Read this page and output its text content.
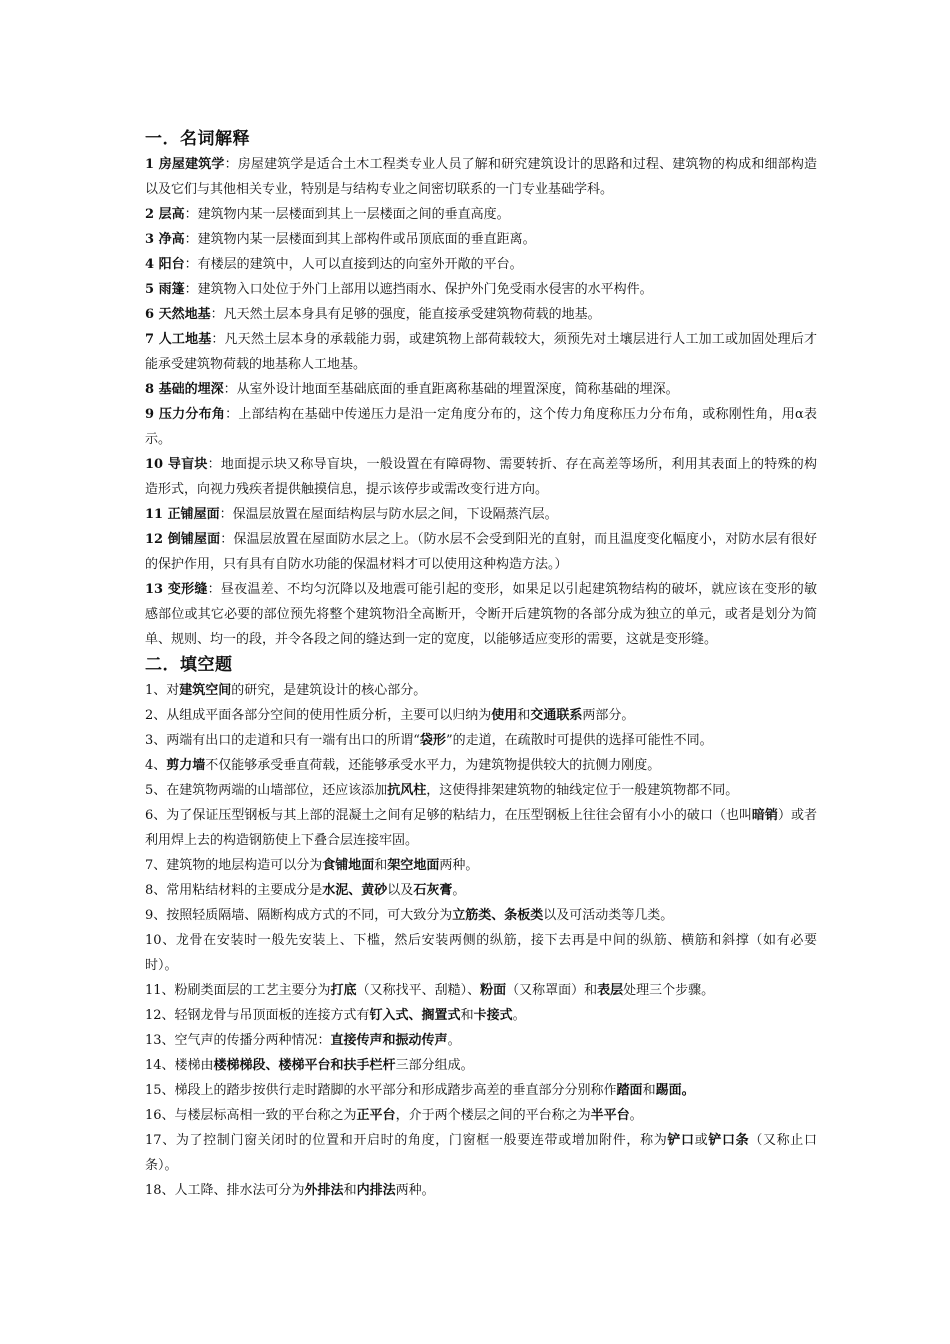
一．名词解释

1 房屋建筑学：房屋建筑学是适合土木工程类专业人员了解和研究建筑设计的思路和过程、建筑物的构成和细部构造以及它们与其他相关专业，特别是与结构专业之间密切联系的一门专业基础学科。

2 层高：建筑物内某一层楼面到其上一层楼面之间的垂直高度。

3 净高：建筑物内某一层楼面到其上部构件或吊顶底面的垂直距离。

4 阳台：有楼层的建筑中，人可以直接到达的向室外开敞的平台。

5 雨篷：建筑物入口处位于外门上部用以遮挡雨水、保护外门免受雨水侵害的水平构件。

6 天然地基：凡天然土层本身具有足够的强度，能直接承受建筑物荷载的地基。

7 人工地基：凡天然土层本身的承载能力弱，或建筑物上部荷载较大，须预先对土壤层进行人工加工或加固处理后才能承受建筑物荷载的地基称人工地基。

8 基础的埋深：从室外设计地面至基础底面的垂直距离称基础的埋置深度，简称基础的埋深。

9 压力分布角：上部结构在基础中传递压力是沿一定角度分布的，这个传力角度称压力分布角，或称刚性角，用α表示。

10 导盲块：地面提示块又称导盲块，一般设置在有障碍物、需要转折、存在高差等场所，利用其表面上的特殊的构造形式，向视力残疾者提供触摸信息，提示该停步或需改变行进方向。

11 正铺屋面：保温层放置在屋面结构层与防水层之间，下设隔蒸汽层。

12 倒铺屋面：保温层放置在屋面防水层之上。（防水层不会受到阳光的直射，而且温度变化幅度小，对防水层有很好的保护作用，只有具有自防水功能的保温材料才可以使用这种构造方法。）

13 变形缝：昼夜温差、不均匀沉降以及地震可能引起的变形，如果足以引起建筑物结构的破坏，就应该在变形的敏感部位或其它必要的部位预先将整个建筑物沿全高断开，令断开后建筑物的各部分成为独立的单元，或者是划分为简单、规则、均一的段，并令各段之间的缝达到一定的宽度，以能够适应变形的需要，这就是变形缝。

二．填空题

1、对建筑空间的研究，是建筑设计的核心部分。

2、从组成平面各部分空间的使用性质分析，主要可以归纳为使用和交通联系两部分。

3、两端有出口的走道和只有一端有出口的所谓“袋形”的走道，在疏散时可提供的选择可能性不同。

4、剪力墙不仅能够承受垂直荷载，还能够承受水平力，为建筑物提供较大的抗侧力刚度。

5、在建筑物两端的山墙部位，还应该添加抗风柱，这使得排架建筑物的轴线定位于一般建筑物都不同。

6、为了保证压型钢板与其上部的混凝土之间有足够的粘结力，在压型钢板上往往会留有小小的破口（也叫暗销）或者利用焊上去的构造钢筋使上下叠合层连接牢固。

7、建筑物的地层构造可以分为食铺地面和架空地面两种。

8、常用粘结材料的主要成分是水泥、黄砂以及石灰膏。

9、按照轻质隔墙、隔断构成方式的不同，可大致分为立筋类、条板类以及可活动类等几类。

10、龙骨在安装时一般先安装上、下槛，然后安装两侧的纵筋，接下去再是中间的纵筋、横筋和斜撑（如有必要时）。

11、粉刷类面层的工艺主要分为打底（又称找平、刮糙）、粉面（又称罩面）和表层处理三个步骤。

12、轻钢龙骨与吊顶面板的连接方式有钉入式、搁置式和卡接式。

13、空气声的传播分两种情况：直接传声和振动传声。

14、楼梯由楼梯梯段、楼梯平台和扶手栏杆三部分组成。

15、梯段上的踏步按供行走时踏脚的水平部分和形成踏步高差的垂直部分分别称作踏面和踢面。

16、与楼层标高相一致的平台称之为正平台，介于两个楼层之间的平台称之为半平台。

17、为了控制门窗关闭时的位置和开启时的角度，门窗框一般要连带或增加附件，称为铲口或铲口条（又称止口条）。

18、人工降、排水法可分为外排法和内排法两种。
